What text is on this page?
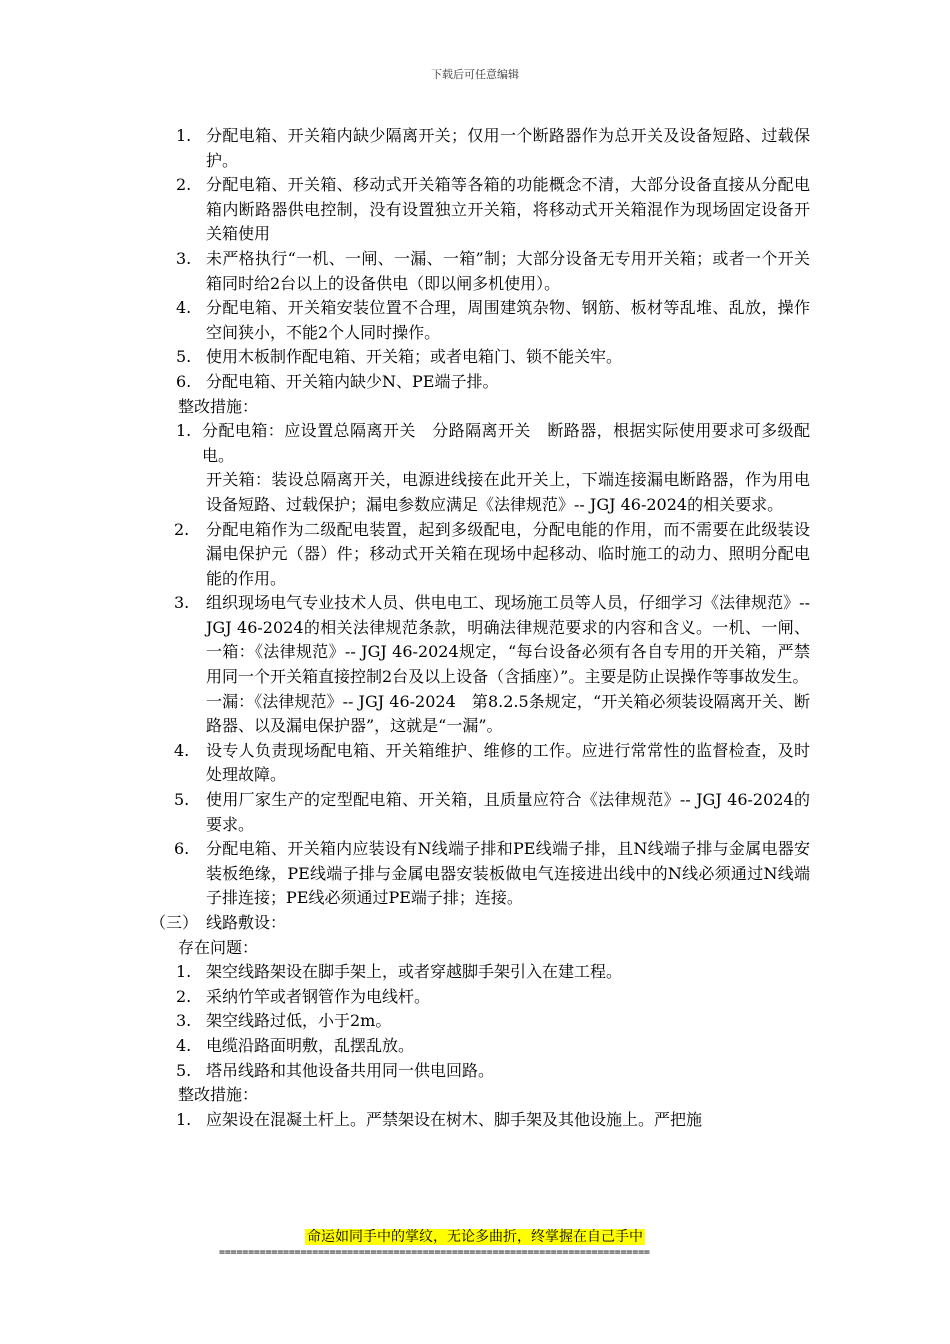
下载后可任意编辑
1. 分配电箱、开关箱内缺少隔离开关；仅用一个断路器作为总开关及设备短路、过载保护。
2. 分配电箱、开关箱、移动式开关箱等各箱的功能概念不清，大部分设备直接从分配电箱内断路器供电控制，没有设置独立开关箱，将移动式开关箱混作为现场固定设备开关箱使用
3. 未严格执行“一机、一闸、一漏、一箱”制；大部分设备无专用开关箱；或者一个开关箱同时给2台以上的设备供电（即以闸多机使用）。
4. 分配电箱、开关箱安装位置不合理，周围建筑杂物、钢筋、板材等乱堆、乱放，操作空间狭小，不能2个人同时操作。
5. 使用木板制作配电箱、开关箱；或者电箱门、锁不能关牢。
6. 分配电箱、开关箱内缺少N、PE端子排。
整改措施：
1. 分配电箱：应设置总隔离开关　分路隔离开关　断路器，根据实际使用要求可多级配电。
开关箱：装设总隔离开关，电源进线接在此开关上，下端连接漏电断路器，作为用电设备短路、过载保护；漏电参数应满足《法律规范》-- JGJ 46-2024的相关要求。
2.	分配电箱作为二级配电装置，起到多级配电，分配电能的作用，而不需要在此级装设漏电保护元（器）件；移动式开关箱在现场中起移动、临时施工的动力、照明分配电能的作用。
3.	组织现场电气专业技术人员、供电电工、现场施工员等人员，仔细学习《法律规范》-- JGJ 46-2024的相关法律规范条款，明确法律规范要求的内容和含义。一机、一闸、一箱：《法律规范》-- JGJ 46-2024规定，“每台设备必须有各自专用的开关箱，严禁用同一个开关箱直接控制2台及以上设备（含插座）”。主要是防止误操作等事故发生。
一漏：《法律规范》-- JGJ 46-2024　第8.2.5条规定，“开关箱必须装设隔离开关、断路器、以及漏电保护器”，这就是“一漏”。
4.	设专人负责现场配电箱、开关箱维护、维修的工作。应进行常常性的监督检查，及时处理故障。
5.	使用厂家生产的定型配电箱、开关箱，且质量应符合《法律规范》-- JGJ 46-2024的要求。
6.	分配电箱、开关箱内应装设有N线端子排和PE线端子排，且N线端子排与金属电器安装板绝缘，PE线端子排与金属电器安装板做电气连接进出线中的N线必须通过N线端子排连接；PE线必须通过PE端子排；连接。
（三）　线路敷设：
存在问题：
1. 架空线路架设在脚手架上，或者穿越脚手架引入在建工程。
2. 采纳竹竿或者钢管作为电线杆。
3. 架空线路过低，小于2m。
4. 电缆沿路面明敷，乱摆乱放。
5. 塔吊线路和其他设备共用同一供电回路。
整改措施：
1. 应架设在混凝土杆上。严禁架设在树木、脚手架及其他设施上。严把施
命运如同手中的掌纹，无论多曲折，终掌握在自己手中
==========================================================================
